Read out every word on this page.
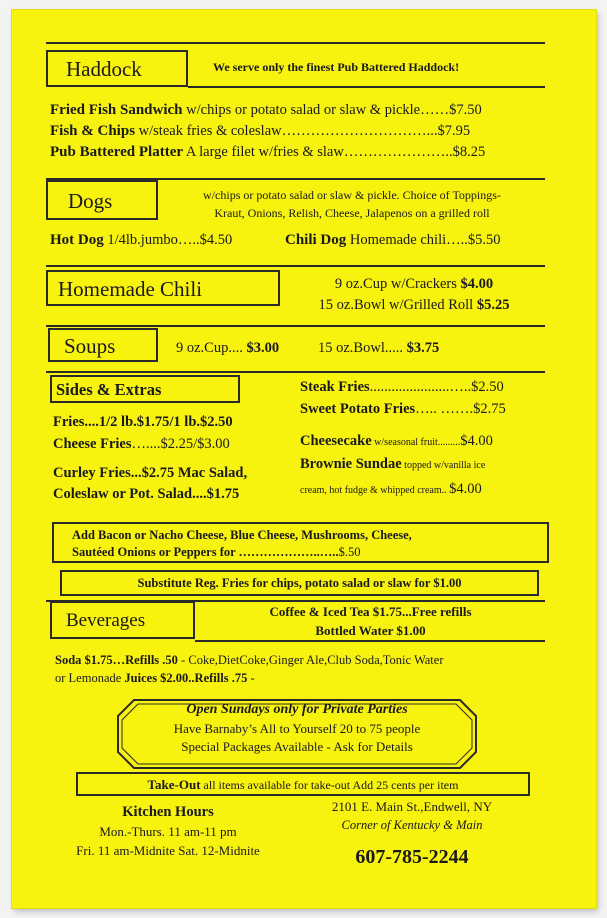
Haddock	We serve only the finest Pub Battered Haddock!
Fried Fish Sandwich w/chips or potato salad or slaw & pickle……$7.50
Fish & Chips w/steak fries & coleslaw…………………………...$7.95
Pub Battered Platter A large filet w/fries & slaw…………………..$8.25
Dogs	w/chips or potato salad or slaw & pickle. Choice of Toppings-
Kraut, Onions, Relish, Cheese, Jalapenos on a grilled roll
Hot Dog 1/4lb.jumbo…..$4.50	Chili Dog Homemade chili…..$5.50
Homemade Chili	9 oz.Cup w/Crackers $4.00
15 oz.Bowl w/Grilled Roll $5.25
Soups	9 oz.Cup.... $3.00	15 oz.Bowl..... $3.75
Sides & Extras
Fries....1/2 lb.$1.75/1 lb.$2.50
Cheese Fries…....$2.25/$3.00
Curley Fries...$2.75 Mac Salad,
Coleslaw or Pot. Salad....$1.75
Steak Fries......................…..$2.50
Sweet Potato Fries….. …….$2.75
Cheesecake w/seasonal fruit.........$4.00
Brownie Sundae topped w/vanilla ice
cream, hot fudge & whipped cream.. $4.00
Add Bacon or Nacho Cheese, Blue Cheese, Mushrooms, Cheese,
Sautéed Onions or Peppers for ………………..…..$.50
Substitute Reg. Fries for chips, potato salad or slaw for $1.00
Beverages	Coffee & Iced Tea $1.75...Free refills
Bottled Water $1.00
Soda $1.75…Refills .50 - Coke,DietCoke,Ginger Ale,Club Soda,Tonic Water
or Lemonade Juices $2.00..Refills .75 -
Open Sundays only for Private Parties
Have Barnaby’s All to Yourself 20 to 75 people
Special Packages Available - Ask for Details
Take-Out all items available for take-out Add 25 cents per item
Kitchen Hours
Mon.-Thurs. 11 am-11 pm
Fri. 11 am-Midnite Sat. 12-Midnite
2101 E. Main St.,Endwell, NY
Corner of Kentucky & Main
607-785-2244
